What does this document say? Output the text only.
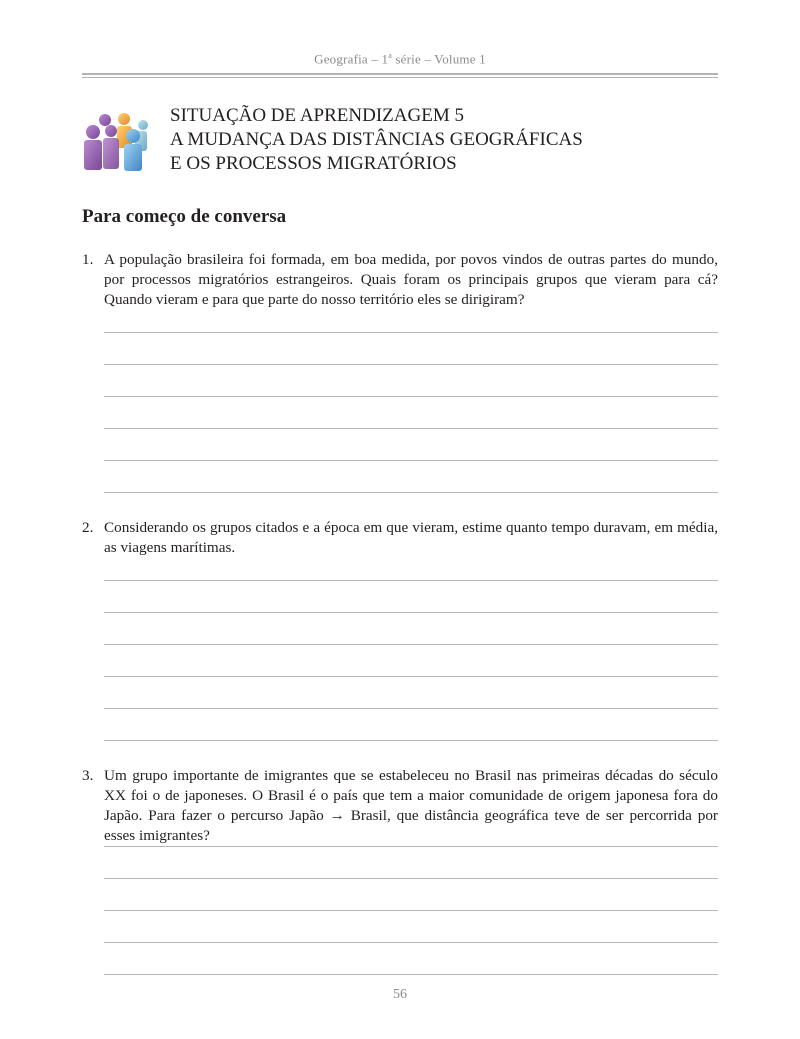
Geografia – 1$^a$ série – Volume 1
SITUAÇÃO DE APRENDIZAGEM 5
A MUDANÇA DAS DISTÂNCIAS GEOGRÁFICAS
E OS PROCESSOS MIGRATÓRIOS
Para começo de conversa
1. A população brasileira foi formada, em boa medida, por povos vindos de outras partes do mundo, por processos migratórios estrangeiros. Quais foram os principais grupos que vieram para cá? Quando vieram e para que parte do nosso território eles se dirigiram?
2. Considerando os grupos citados e a época em que vieram, estime quanto tempo duravam, em média, as viagens marítimas.
3. Um grupo importante de imigrantes que se estabeleceu no Brasil nas primeiras décadas do século XX foi o de japoneses. O Brasil é o país que tem a maior comunidade de origem japonesa fora do Japão. Para fazer o percurso Japão → Brasil, que distância geográfica teve de ser percorrida por esses imigrantes?
56
